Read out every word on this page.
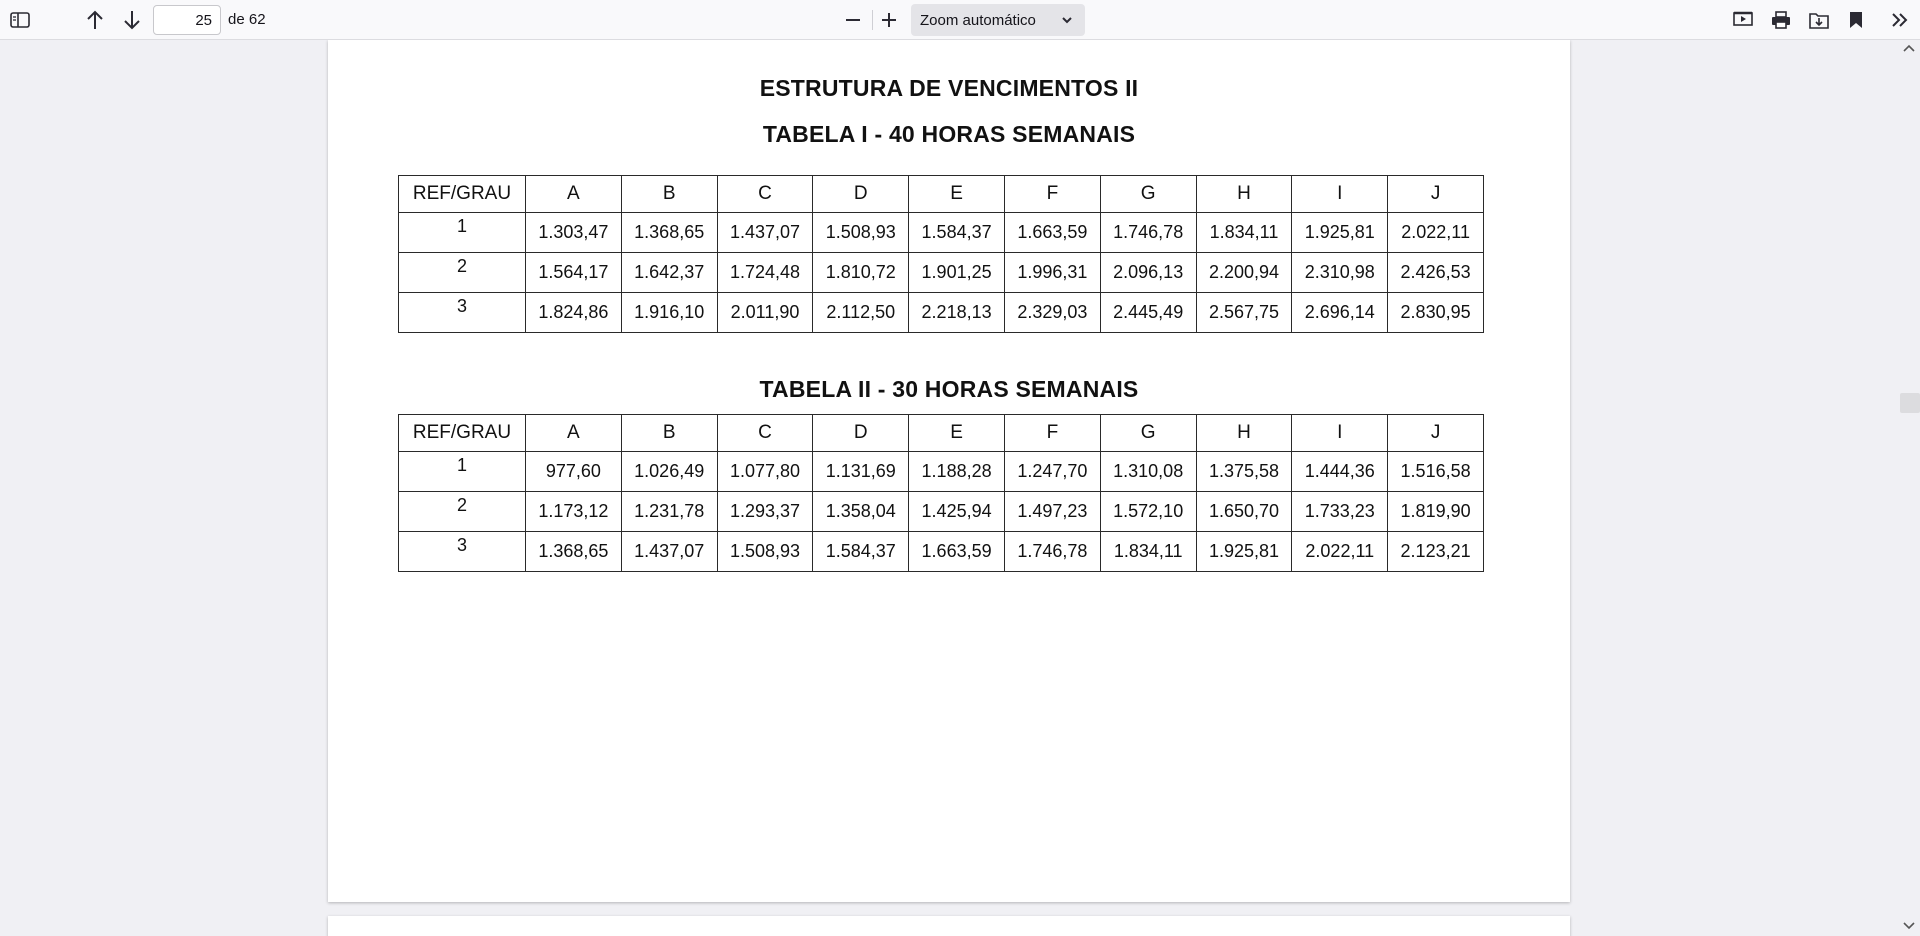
25
de 62	Zoom automático
ESTRUTURA DE VENCIMENTOS II
TABELA I - 40 HORAS SEMANAIS
REF/GRAU	A	B	C	D	E	F	G	H	I	J
1	1.303,47	1.368,65	1.437,07	1.508,93	1.584,37	1.663,59	1.746,78	1.834,11	1.925,81	2.022,11
2	1.564,17	1.642,37	1.724,48	1.810,72	1.901,25	1.996,31	2.096,13	2.200,94	2.310,98	2.426,53
3	1.824,86	1.916,10	2.011,90	2.112,50	2.218,13	2.329,03	2.445,49	2.567,75	2.696,14	2.830,95
TABELA II - 30 HORAS SEMANAIS
REF/GRAU	A	B	C	D	E	F	G	H	I	J
1	977,60	1.026,49	1.077,80	1.131,69	1.188,28	1.247,70	1.310,08	1.375,58	1.444,36	1.516,58
2	1.173,12	1.231,78	1.293,37	1.358,04	1.425,94	1.497,23	1.572,10	1.650,70	1.733,23	1.819,90
3	1.368,65	1.437,07	1.508,93	1.584,37	1.663,59	1.746,78	1.834,11	1.925,81	2.022,11	2.123,21
